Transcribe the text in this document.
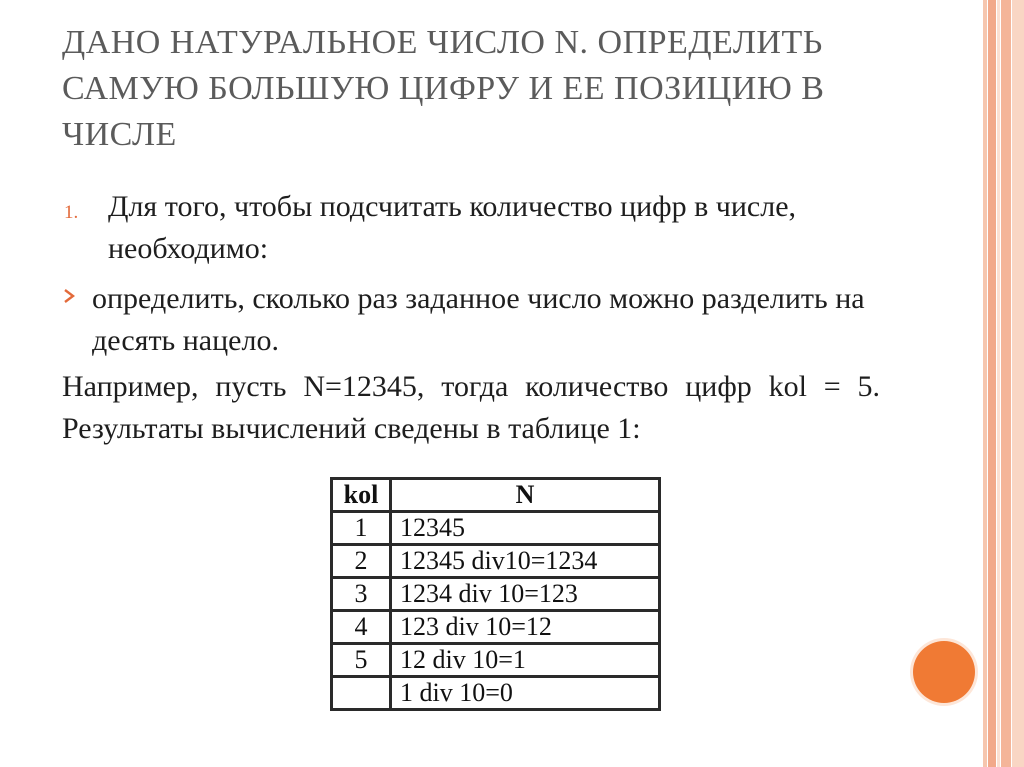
ДАНО НАТУРАЛЬНОЕ ЧИСЛО N. ОПРЕДЕЛИТЬ САМУЮ БОЛЬШУЮ ЦИФРУ И ЕЕ ПОЗИЦИЮ В ЧИСЛЕ
1. Для того, чтобы подсчитать количество цифр в числе, необходимо:
определить, сколько раз заданное число можно разделить на десять нацело.
Например, пусть N=12345, тогда количество цифр kol = 5. Результаты вычислений сведены в таблице 1:
kol	N
1	12345
2	12345 div10=1234
3	1234 div 10=123
4	123 div 10=12
5	12 div 10=1
	1 div 10=0
